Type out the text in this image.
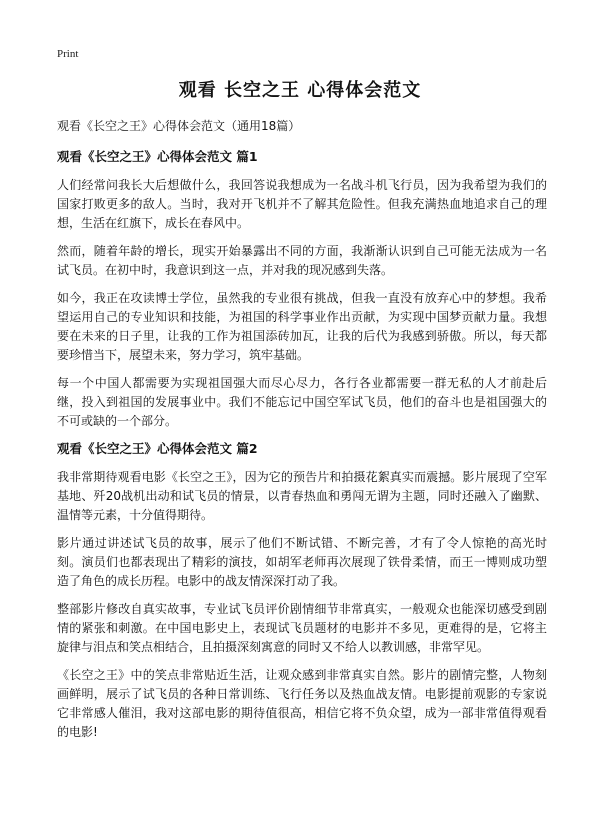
Print
观看 长空之王 心得体会范文
观看《长空之王》心得体会范文（通用18篇）
观看《长空之王》心得体会范文 篇1

人们经常问我长大后想做什么，我回答说我想成为一名战斗机飞行员，因为我希望为我们的国家打败更多的敌人。当时，我对开飞机并不了解其危险性。但我充满热血地追求自己的理想，生活在红旗下，成长在春风中。

然而，随着年龄的增长，现实开始暴露出不同的方面，我渐渐认识到自己可能无法成为一名试飞员。在初中时，我意识到这一点，并对我的现况感到失落。

如今，我正在攻读博士学位，虽然我的专业很有挑战，但我一直没有放弃心中的梦想。我希望运用自己的专业知识和技能，为祖国的科学事业作出贡献，为实现中国梦贡献力量。我想要在未来的日子里，让我的工作为祖国添砖加瓦，让我的后代为我感到骄傲。所以，每天都要珍惜当下，展望未来，努力学习，筑牢基础。

每一个中国人都需要为实现祖国强大而尽心尽力，各行各业都需要一群无私的人才前赴后继，投入到祖国的发展事业中。我们不能忘记中国空军试飞员，他们的奋斗也是祖国强大的不可或缺的一个部分。

观看《长空之王》心得体会范文 篇2

我非常期待观看电影《长空之王》，因为它的预告片和拍摄花絮真实而震撼。影片展现了空军基地、歼20战机出动和试飞员的情景，以青春热血和勇闯无谓为主题，同时还融入了幽默、温情等元素，十分值得期待。

影片通过讲述试飞员的故事，展示了他们不断试错、不断完善，才有了令人惊艳的高光时刻。演员们也都表现出了精彩的演技，如胡军老师再次展现了铁骨柔情，而王一博则成功塑造了角色的成长历程。电影中的战友情深深打动了我。

整部影片修改自真实故事，专业试飞员评价剧情细节非常真实，一般观众也能深切感受到剧情的紧张和刺激。在中国电影史上，表现试飞员题材的电影并不多见，更难得的是，它将主旋律与泪点和笑点相结合，且拍摄深刻寓意的同时又不给人以教训感，非常罕见。

《长空之王》中的笑点非常贴近生活，让观众感到非常真实自然。影片的剧情完整，人物刻画鲜明，展示了试飞员的各种日常训练、飞行任务以及热血战友情。电影提前观影的专家说它非常感人催泪，我对这部电影的期待值很高，相信它将不负众望，成为一部非常值得观看的电影!
